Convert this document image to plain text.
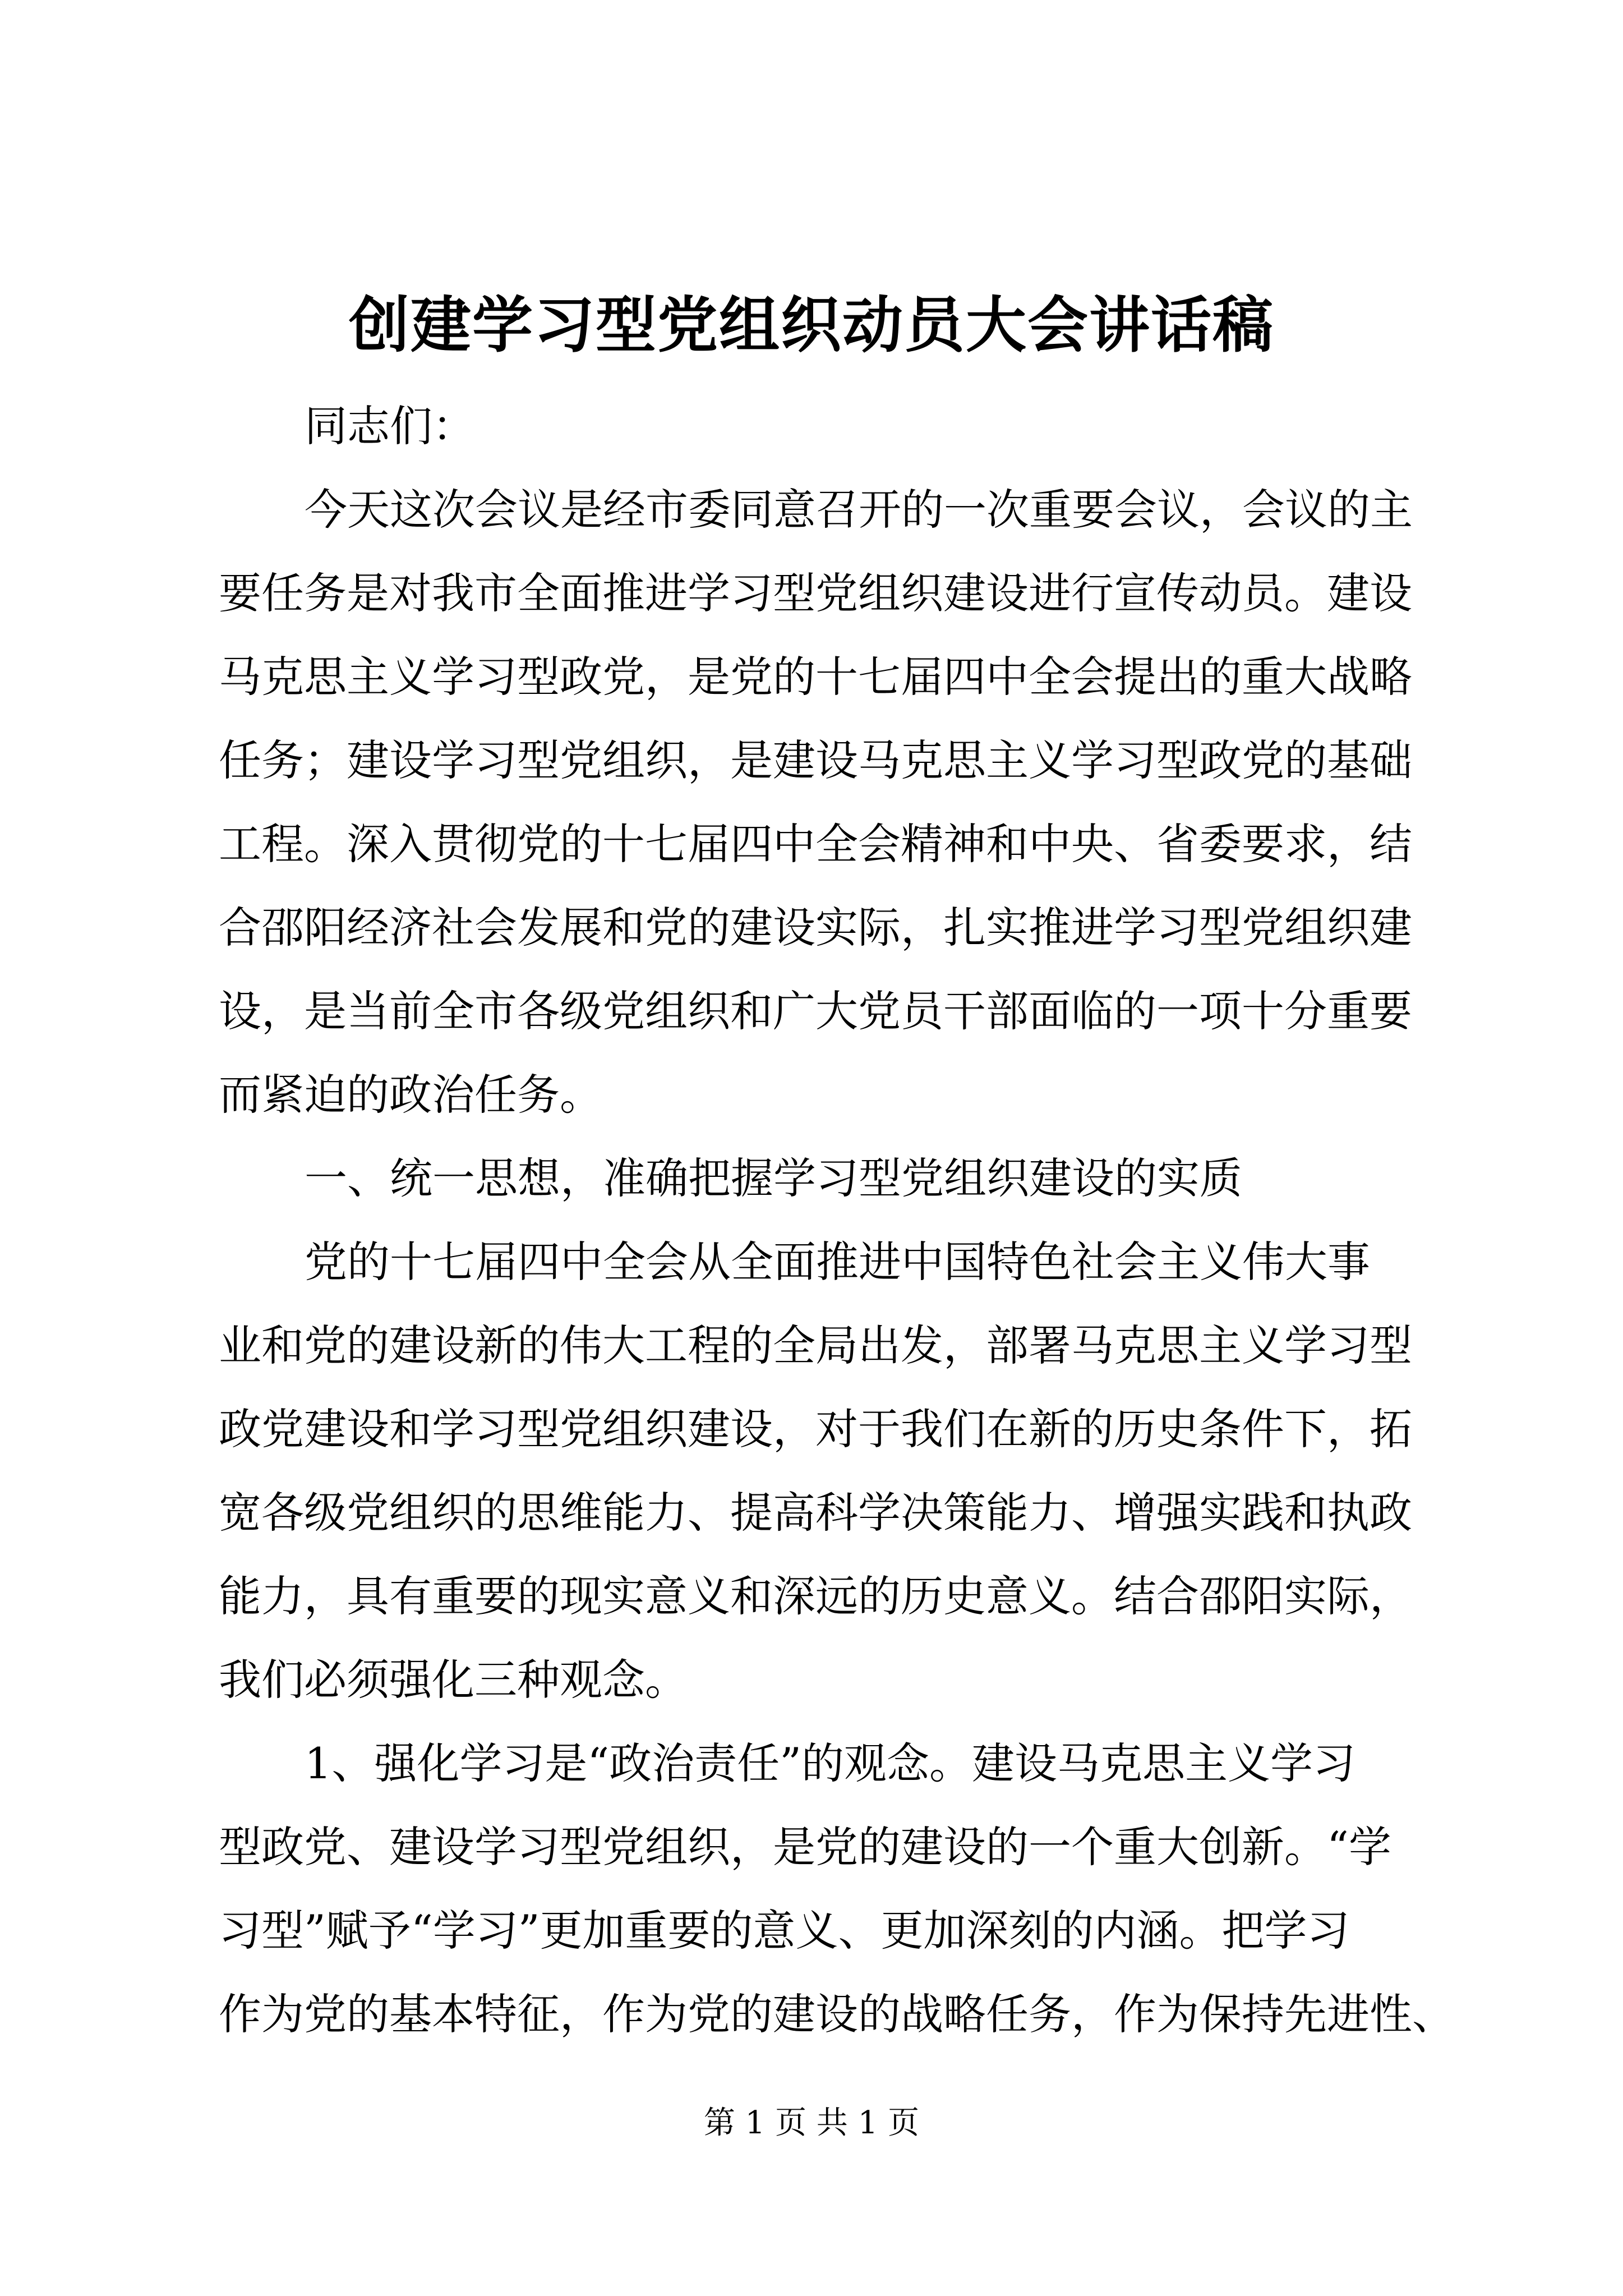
创建学习型党组织动员大会讲话稿
同志们：
今天这次会议是经市委同意召开的一次重要会议，会议的主
要任务是对我市全面推进学习型党组织建设进行宣传动员。建设
马克思主义学习型政党，是党的十七届四中全会提出的重大战略
任务；建设学习型党组织，是建设马克思主义学习型政党的基础
工程。深入贯彻党的十七届四中全会精神和中央、省委要求，结
合邵阳经济社会发展和党的建设实际，扎实推进学习型党组织建
设，是当前全市各级党组织和广大党员干部面临的一项十分重要
而紧迫的政治任务。
一、统一思想，准确把握学习型党组织建设的实质
党的十七届四中全会从全面推进中国特色社会主义伟大事
业和党的建设新的伟大工程的全局出发，部署马克思主义学习型
政党建设和学习型党组织建设，对于我们在新的历史条件下，拓
宽各级党组织的思维能力、提高科学决策能力、增强实践和执政
能力，具有重要的现实意义和深远的历史意义。结合邵阳实际，
我们必须强化三种观念。
1、强化学习是“政治责任”的观念。建设马克思主义学习
型政党、建设学习型党组织，是党的建设的一个重大创新。“学
习型”赋予“学习”更加重要的意义、更加深刻的内涵。把学习
作为党的基本特征，作为党的建设的战略任务，作为保持先进性、
第 1 页 共 1 页
